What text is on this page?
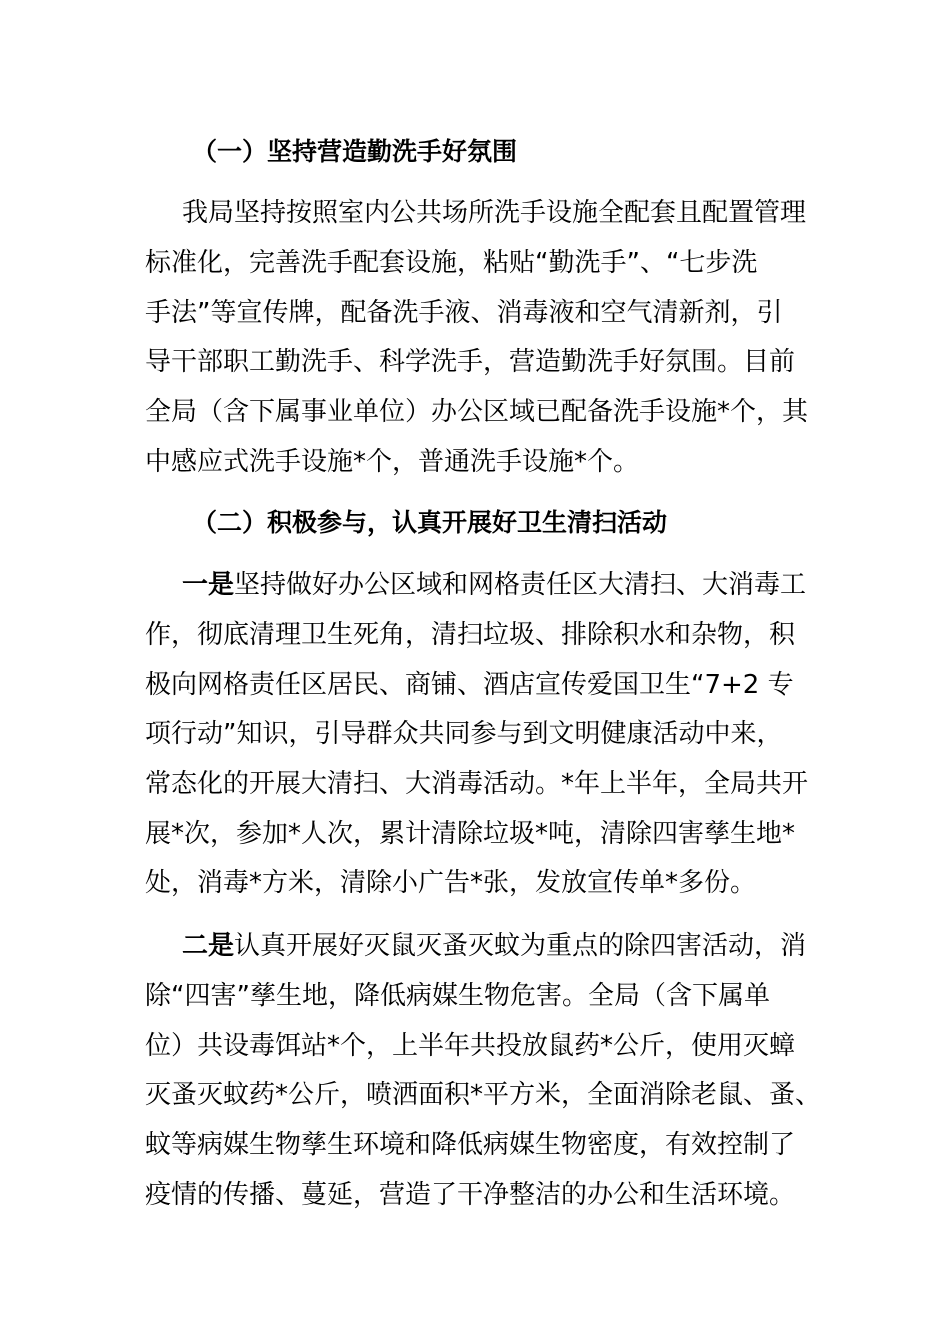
（一）坚持营造勤洗手好氛围
我局坚持按照室内公共场所洗手设施全配套且配置管理
标准化，完善洗手配套设施，粘贴“勤洗手”、“七步洗
手法”等宣传牌，配备洗手液、消毒液和空气清新剂，引
导干部职工勤洗手、科学洗手，营造勤洗手好氛围。目前
全局（含下属事业单位）办公区域已配备洗手设施*个，其
中感应式洗手设施*个，普通洗手设施*个。
（二）积极参与，认真开展好卫生清扫活动
一是坚持做好办公区域和网格责任区大清扫、大消毒工
作，彻底清理卫生死角，清扫垃圾、排除积水和杂物，积
极向网格责任区居民、商铺、酒店宣传爱国卫生“7+2 专
项行动”知识，引导群众共同参与到文明健康活动中来，
常态化的开展大清扫、大消毒活动。*年上半年，全局共开
展*次，参加*人次，累计清除垃圾*吨，清除四害孳生地*
处，消毒*方米，清除小广告*张，发放宣传单*多份。
二是认真开展好灭鼠灭蚤灭蚊为重点的除四害活动，消
除“四害”孳生地，降低病媒生物危害。全局（含下属单
位）共设毒饵站*个，上半年共投放鼠药*公斤，使用灭蟑
灭蚤灭蚊药*公斤，喷洒面积*平方米，全面消除老鼠、蚤、
蚊等病媒生物孳生环境和降低病媒生物密度，有效控制了
疫情的传播、蔓延，营造了干净整洁的办公和生活环境。
